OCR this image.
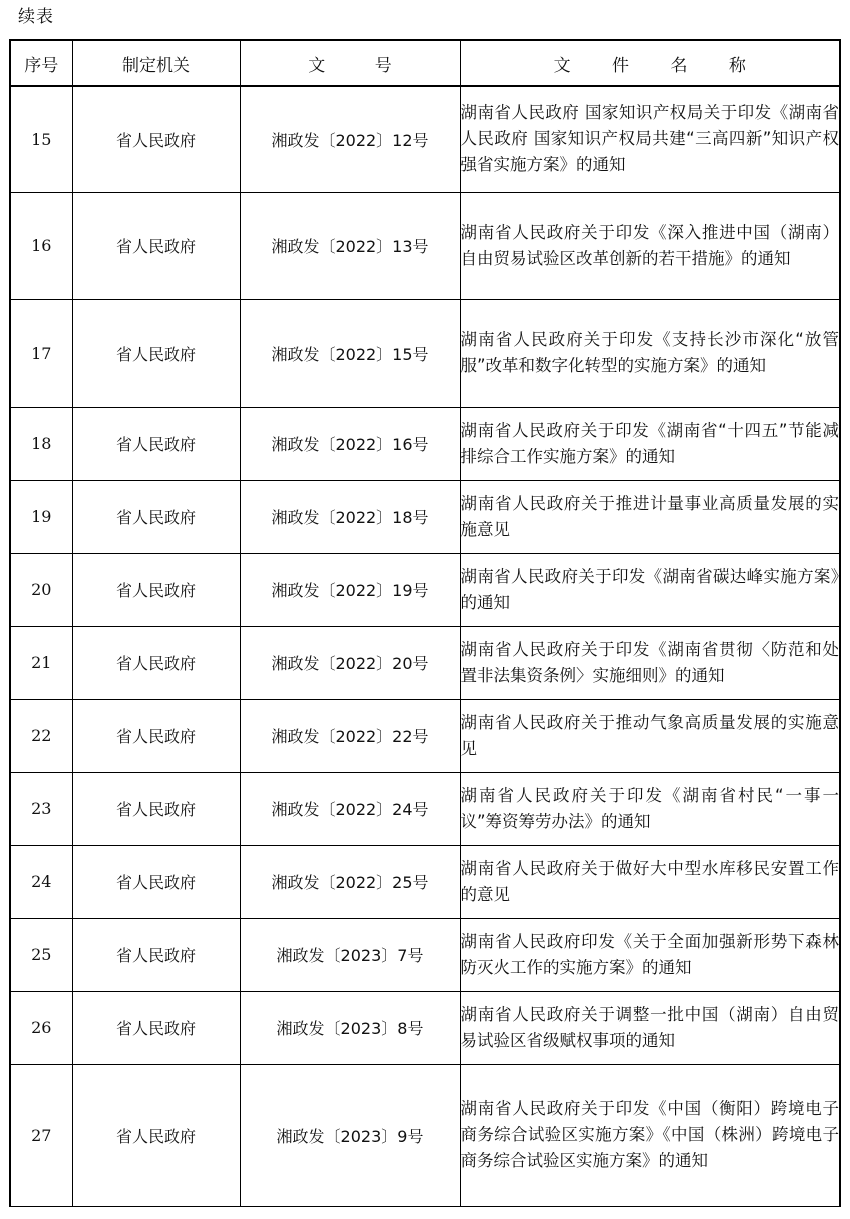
续表
序号	制定机关	文 号	文 件 名 称
15	省人民政府	湘政发〔2022〕12号	湖南省人民政府 国家知识产权局关于印发《湖南省人民政府 国家知识产权局共建“三高四新”知识产权强省实施方案》的通知
16	省人民政府	湘政发〔2022〕13号	湖南省人民政府关于印发《深入推进中国（湖南）自由贸易试验区改革创新的若干措施》的通知
17	省人民政府	湘政发〔2022〕15号	湖南省人民政府关于印发《支持长沙市深化“放管服”改革和数字化转型的实施方案》的通知
18	省人民政府	湘政发〔2022〕16号	湖南省人民政府关于印发《湖南省“十四五”节能减排综合工作实施方案》的通知
19	省人民政府	湘政发〔2022〕18号	湖南省人民政府关于推进计量事业高质量发展的实施意见
20	省人民政府	湘政发〔2022〕19号	湖南省人民政府关于印发《湖南省碳达峰实施方案》的通知
21	省人民政府	湘政发〔2022〕20号	湖南省人民政府关于印发《湖南省贯彻〈防范和处置非法集资条例〉实施细则》的通知
22	省人民政府	湘政发〔2022〕22号	湖南省人民政府关于推动气象高质量发展的实施意见
23	省人民政府	湘政发〔2022〕24号	湖南省人民政府关于印发《湖南省村民“一事一议”筹资筹劳办法》的通知
24	省人民政府	湘政发〔2022〕25号	湖南省人民政府关于做好大中型水库移民安置工作的意见
25	省人民政府	湘政发〔2023〕7号	湖南省人民政府印发《关于全面加强新形势下森林防灭火工作的实施方案》的通知
26	省人民政府	湘政发〔2023〕8号	湖南省人民政府关于调整一批中国（湖南）自由贸易试验区省级赋权事项的通知
27	省人民政府	湘政发〔2023〕9号	湖南省人民政府关于印发《中国（衡阳）跨境电子商务综合试验区实施方案》《中国（株洲）跨境电子商务综合试验区实施方案》的通知
